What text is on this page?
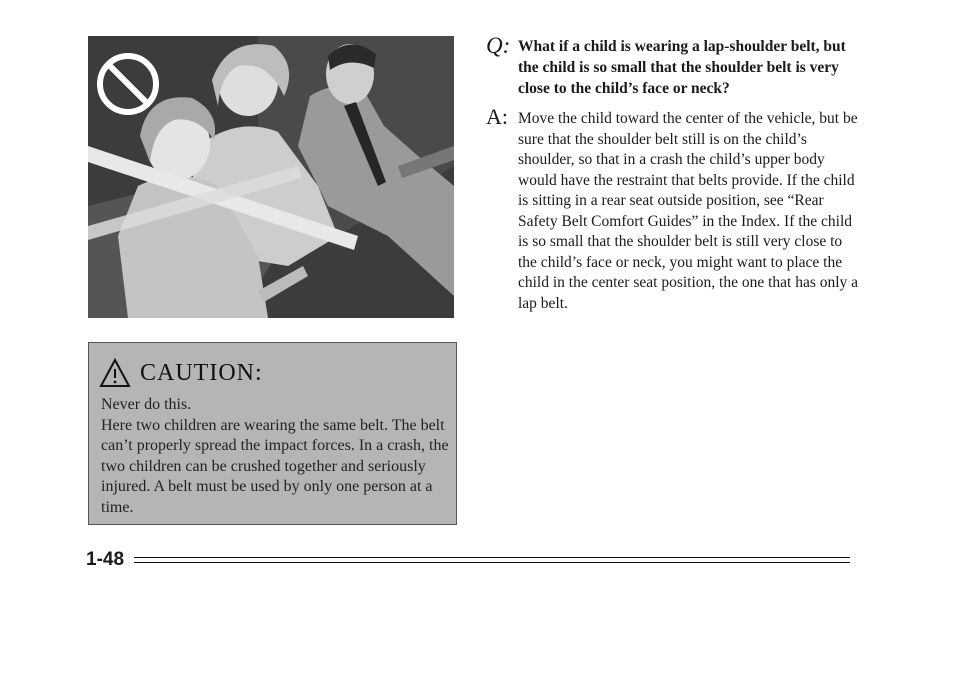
CAUTION:

Never do this.

Here two children are wearing the same belt. The belt can’t properly spread the impact forces. In a crash, the two children can be crushed together and seriously injured. A belt must be used by only one person at a time.

Q: What if a child is wearing a lap-shoulder belt, but the child is so small that the shoulder belt is very close to the child’s face or neck?
A: Move the child toward the center of the vehicle, but be sure that the shoulder belt still is on the child’s shoulder, so that in a crash the child’s upper body would have the restraint that belts provide. If the child is sitting in a rear seat outside position, see “Rear Safety Belt Comfort Guides” in the Index. If the child is so small that the shoulder belt is still very close to the child’s face or neck, you might want to place the child in the center seat position, the one that has only a lap belt.
1-48
